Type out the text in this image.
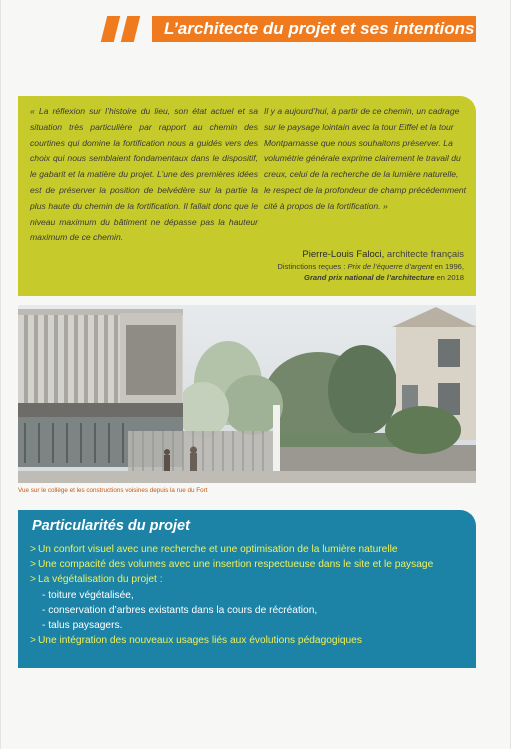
L’architecte du projet et ses intentions
« La réflexion sur l’histoire du lieu, son état actuel et sa situation très particulière par rapport au chemin des courtines qui domine la fortification nous a guidés vers des choix qui nous semblaient fondamentaux dans le dispositif, le gabarit et la matière du projet. L’une des premières idées est de préserver la position de belvédère sur la partie la plus haute du chemin de la fortification. Il fallait donc que le niveau maximum du bâtiment ne dépasse pas la hauteur maximum de ce chemin.
Il y a aujourd’hui, à partir de ce chemin, un cadrage sur le paysage lointain avec la tour Eiffel et la tour Montparnasse que nous souhaitons préserver. La volumétrie générale exprime clairement le travail du creux, celui de la recherche de la lumière naturelle, le respect de la profondeur de champ précédemment cité à propos de la fortification. »
Pierre-Louis Faloci, architecte français
Distinctions reçues : Prix de l’équerre d’argent en 1996,
Grand prix national de l’architecture en 2018
Vue sur le collège et les constructions voisines depuis la rue du Fort
Particularités du projet
> Un confort visuel avec une recherche et une optimisation de la lumière naturelle
> Une compacité des volumes avec une insertion respectueuse dans le site et le paysage
> La végétalisation du projet :
- toiture végétalisée,
- conservation d’arbres existants dans la cours de récréation,
- talus paysagers.
> Une intégration des nouveaux usages liés aux évolutions pédagogiques
